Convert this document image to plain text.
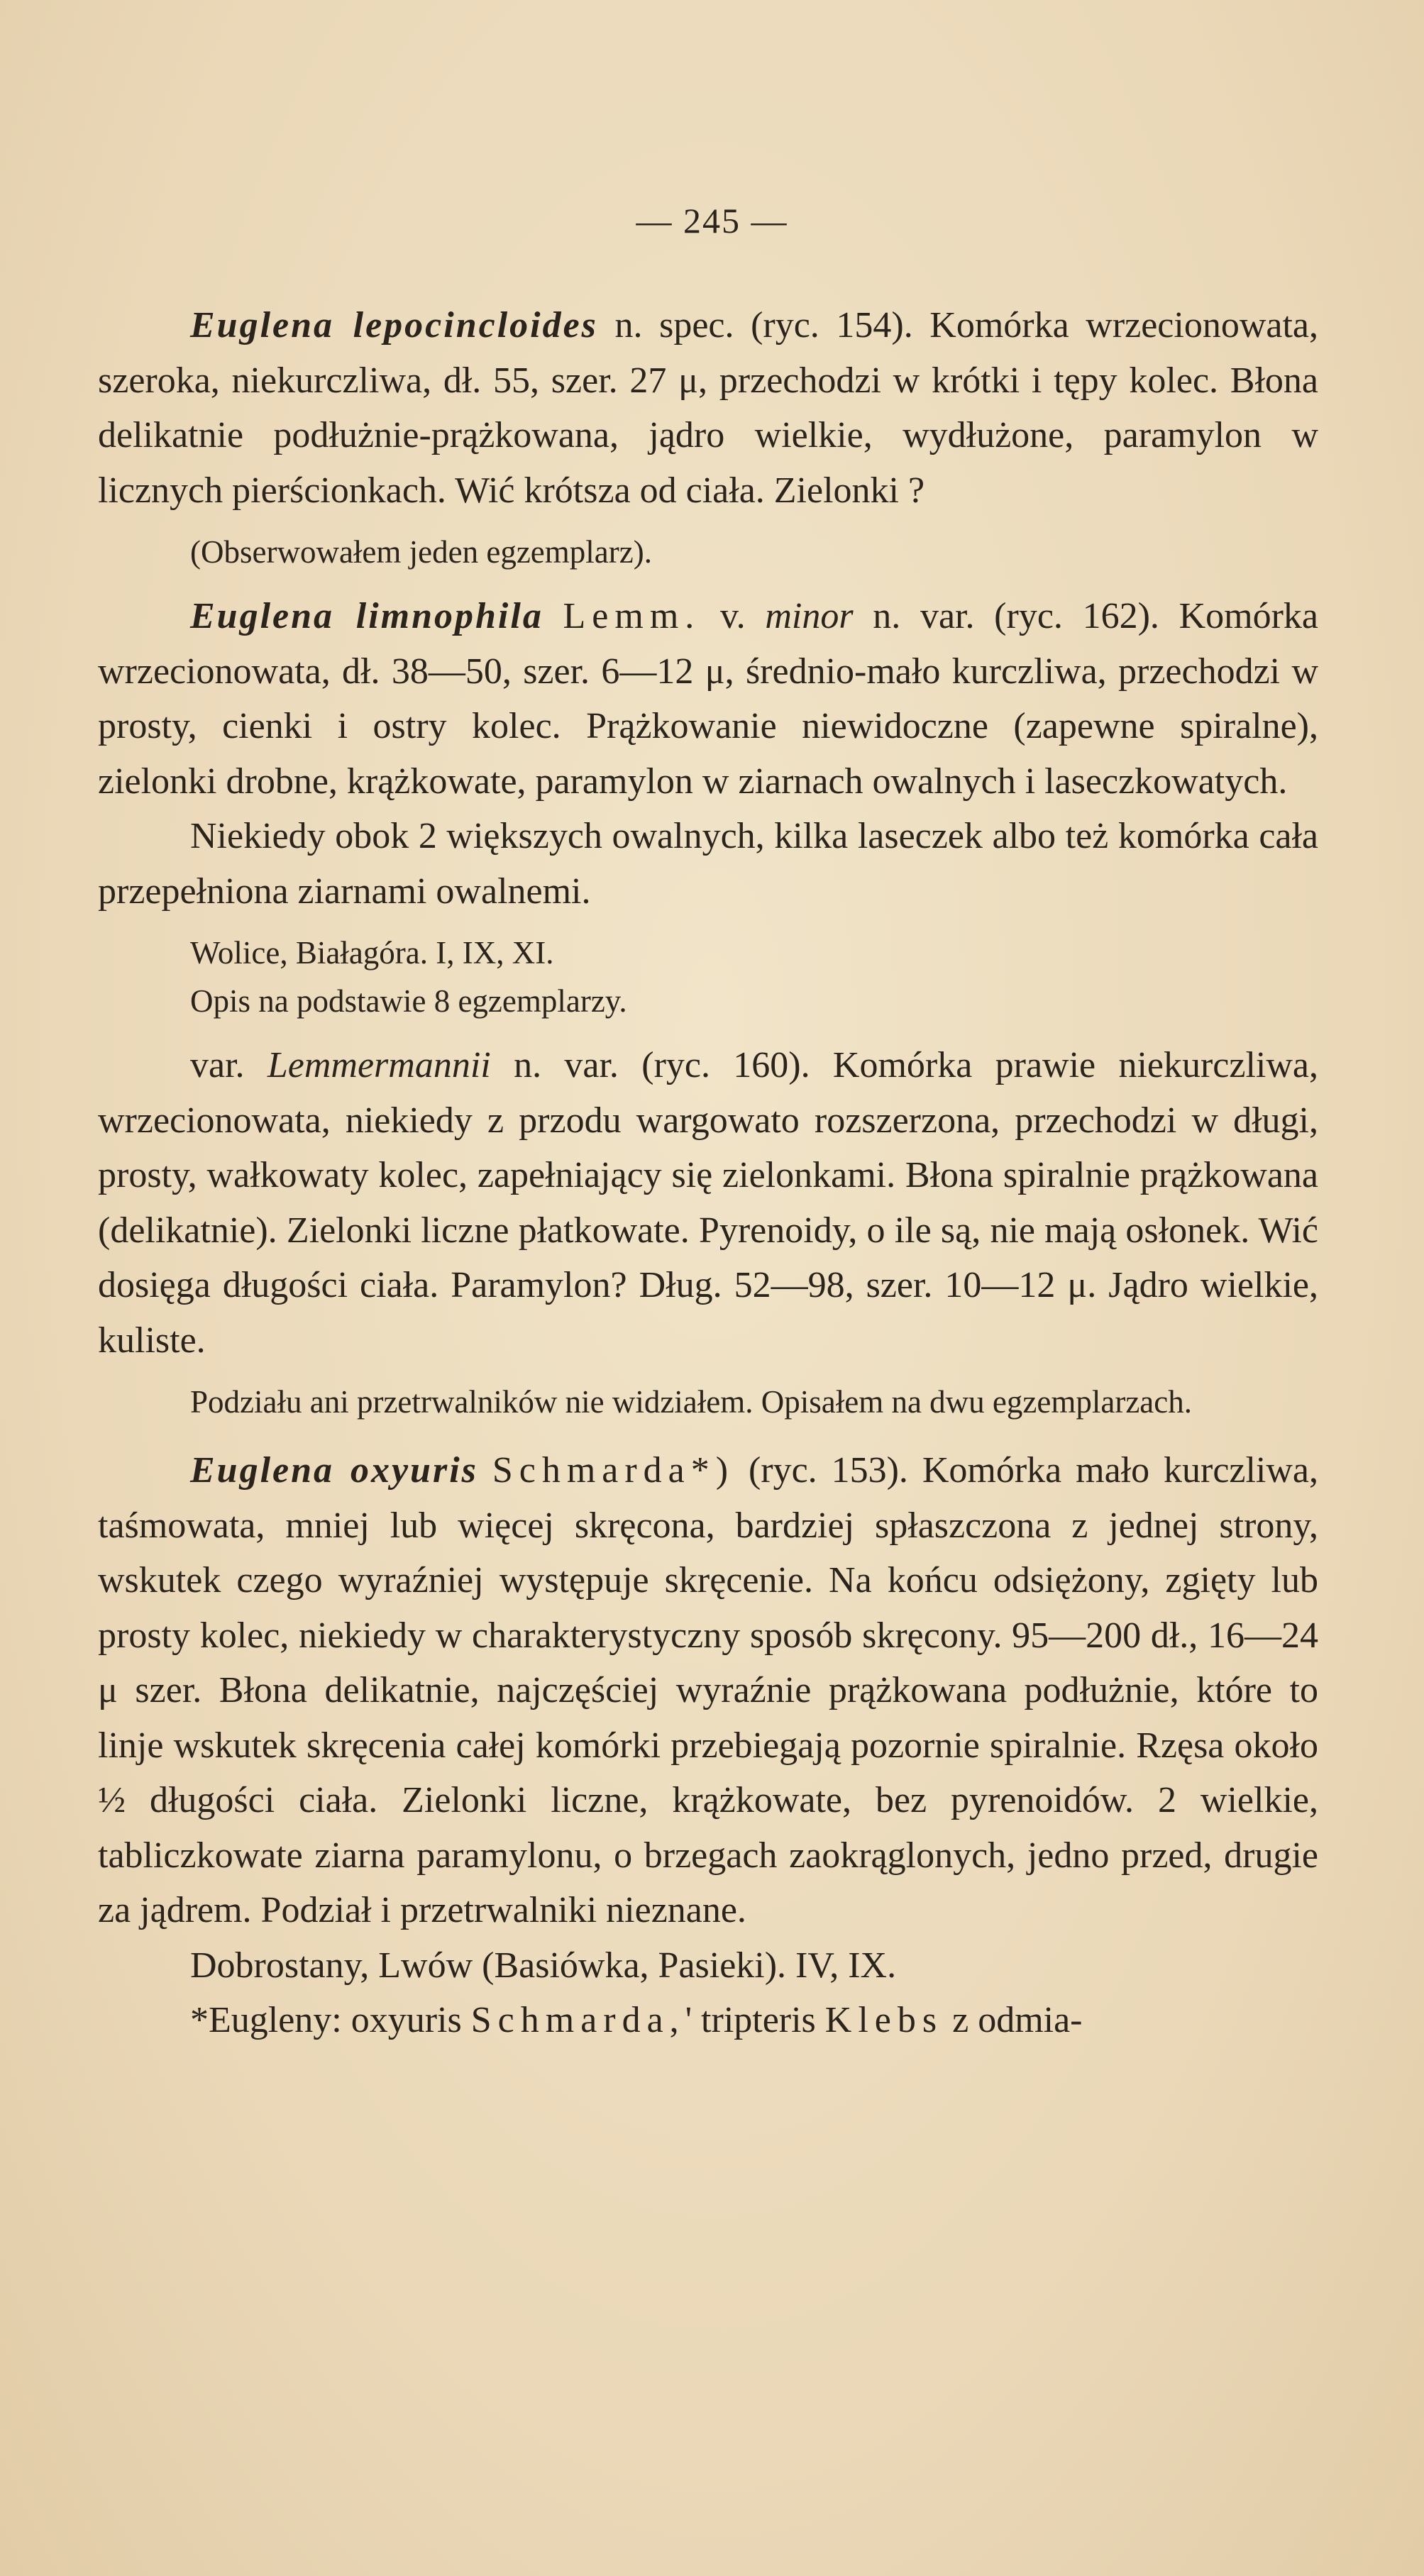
— 245 —

Euglena lepocincloides n. spec. (ryc. 154). Komórka wrzecionowata, szeroka, niekurczliwa, dł. 55, szer. 27 μ, przechodzi w krótki i tępy kolec. Błona delikatnie podłużnie-prążkowana, jądro wielkie, wydłużone, paramylon w licznych pierścionkach. Wić krótsza od ciała. Zielonki ?

(Obserwowałem jeden egzemplarz).

Euglena limnophila Lemm. v. minor n. var. (ryc. 162). Komórka wrzecionowata, dł. 38—50, szer. 6—12 μ, średnio-mało kurczliwa, przechodzi w prosty, cienki i ostry kolec. Prążkowanie niewidoczne (zapewne spiralne), zielonki drobne, krążkowate, paramylon w ziarnach owalnych i laseczkowatych.

Niekiedy obok 2 większych owalnych, kilka laseczek albo też komórka cała przepełniona ziarnami owalnemi.

Wolice, Białagóra. I, IX, XI.

Opis na podstawie 8 egzemplarzy.

var. Lemmermannii n. var. (ryc. 160). Komórka prawie niekurczliwa, wrzecionowata, niekiedy z przodu wargowato rozszerzona, przechodzi w długi, prosty, wałkowaty kolec, zapełniający się zielonkami. Błona spiralnie prążkowana (delikatnie). Zielonki liczne płatkowate. Pyrenoidy, o ile są, nie mają osłonek. Wić dosięga długości ciała. Paramylon? Dług. 52—98, szer. 10—12 μ. Jądro wielkie, kuliste.

Podziału ani przetrwalników nie widziałem. Opisałem na dwu egzemplarzach.

Euglena oxyuris Schmarda*) (ryc. 153). Komórka mało kurczliwa, taśmowata, mniej lub więcej skręcona, bardziej spłaszczona z jednej strony, wskutek czego wyraźniej występuje skręcenie. Na końcu odsiężony, zgięty lub prosty kolec, niekiedy w charakterystyczny sposób skręcony. 95—200 dł., 16—24 μ szer. Błona delikatnie, najczęściej wyraźnie prążkowana podłużnie, które to linje wskutek skręcenia całej komórki przebiegają pozornie spiralnie. Rzęsa około ½ długości ciała. Zielonki liczne, krążkowate, bez pyrenoidów. 2 wielkie, tabliczkowate ziarna paramylonu, o brzegach zaokrąglonych, jedno przed, drugie za jądrem. Podział i przetrwalniki nieznane.

Dobrostany, Lwów (Basiówka, Pasieki). IV, IX.

*Eugleny: oxyuris Schmarda,' tripteris Klebs z odmia-
